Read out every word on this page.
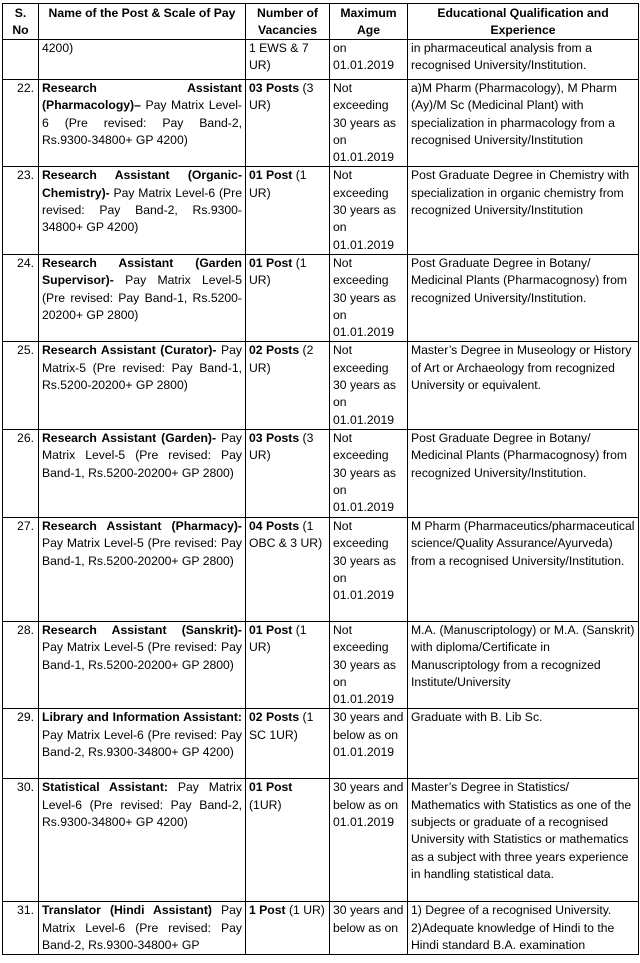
S. No	Name of the Post & Scale of Pay	Number of Vacancies	Maximum Age	Educational Qualification and Experience
	4200)	1 EWS & 7 UR)	on 01.01.2019	in pharmaceutical analysis from a recognised University/Institution.
22.	Research Assistant (Pharmacology)– Pay Matrix Level-6 (Pre revised: Pay Band-2, Rs.9300-34800+ GP 4200)	03 Posts (3 UR)	Not exceeding 30 years as on 01.01.2019	a)M Pharm (Pharmacology), M Pharm (Ay)/M Sc (Medicinal Plant) with specialization in pharmacology from a recognised University/Institution
23.	Research Assistant (Organic-Chemistry)- Pay Matrix Level-6 (Pre revised: Pay Band-2, Rs.9300-34800+ GP 4200)	01 Post (1 UR)	Not exceeding 30 years as on 01.01.2019	Post Graduate Degree in Chemistry with specialization in organic chemistry from recognized University/Institution
24.	Research Assistant (Garden Supervisor)- Pay Matrix Level-5 (Pre revised: Pay Band-1, Rs.5200-20200+ GP 2800)	01 Post (1 UR)	Not exceeding 30 years as on 01.01.2019	Post Graduate Degree in Botany/ Medicinal Plants (Pharmacognosy) from recognized University/Institution.
25.	Research Assistant (Curator)- Pay Matrix-5 (Pre revised: Pay Band-1, Rs.5200-20200+ GP 2800)	02 Posts (2 UR)	Not exceeding 30 years as on 01.01.2019	Master’s Degree in Museology or History of Art or Archaeology from recognized University or equivalent.
26.	Research Assistant (Garden)- Pay Matrix Level-5 (Pre revised: Pay Band-1, Rs.5200-20200+ GP 2800)	03 Posts (3 UR)	Not exceeding 30 years as on 01.01.2019	Post Graduate Degree in Botany/ Medicinal Plants (Pharmacognosy) from recognized University/Institution.
27.	Research Assistant (Pharmacy)- Pay Matrix Level-5 (Pre revised: Pay Band-1, Rs.5200-20200+ GP 2800)	04 Posts (1 OBC & 3 UR)	Not exceeding 30 years as on 01.01.2019	M Pharm (Pharmaceutics/pharmaceutical science/Quality Assurance/Ayurveda) from a recognised University/Institution.
28.	Research Assistant (Sanskrit)- Pay Matrix Level-5 (Pre revised: Pay Band-1, Rs.5200-20200+ GP 2800)	01 Post (1 UR)	Not exceeding 30 years as on 01.01.2019	M.A. (Manuscriptology) or M.A. (Sanskrit) with diploma/Certificate in Manuscriptology from a recognized Institute/University
29.	Library and Information Assistant: Pay Matrix Level-6 (Pre revised: Pay Band-2, Rs.9300-34800+ GP 4200)	02 Posts (1 SC 1UR)	30 years and below as on 01.01.2019	Graduate with B. Lib Sc.
30.	Statistical Assistant: Pay Matrix Level-6 (Pre revised: Pay Band-2, Rs.9300-34800+ GP 4200)	01 Post (1UR)	30 years and below as on 01.01.2019	Master’s Degree in Statistics/ Mathematics with Statistics as one of the subjects or graduate of a recognised University with Statistics or mathematics as a subject with three years experience in handling statistical data.
31.	Translator (Hindi Assistant) Pay Matrix Level-6 (Pre revised: Pay Band-2, Rs.9300-34800+ GP	1 Post (1 UR)	30 years and below as on	1) Degree of a recognised University. 2)Adequate knowledge of Hindi to the Hindi standard B.A. examination
